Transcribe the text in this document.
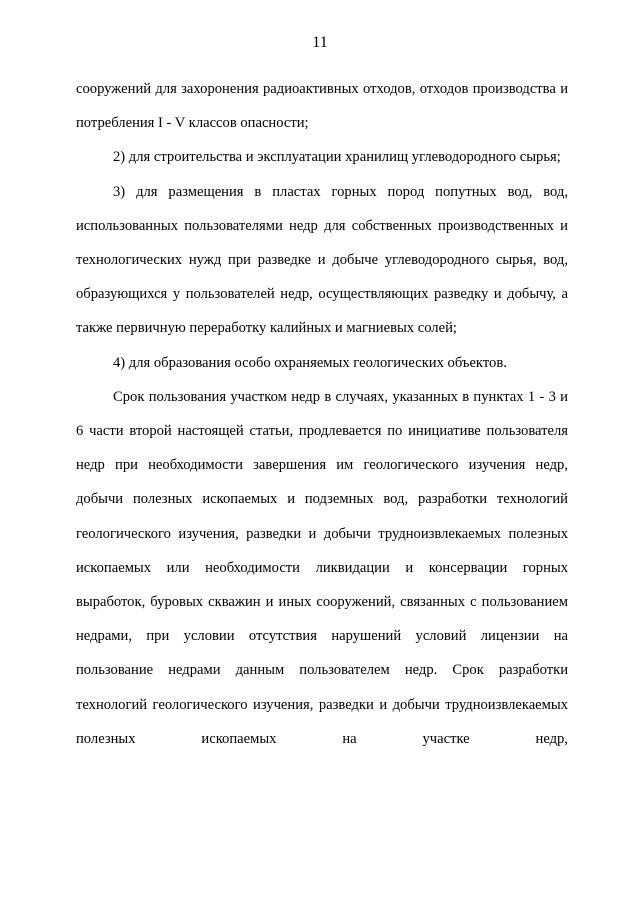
11

сооружений для захоронения радиоактивных отходов, отходов производства и потребления I - V классов опасности;

2) для строительства и эксплуатации хранилищ углеводородного сырья;

3) для размещения в пластах горных пород попутных вод, вод, использованных пользователями недр для собственных производственных и технологических нужд при разведке и добыче углеводородного сырья, вод, образующихся у пользователей недр, осуществляющих разведку и добычу, а также первичную переработку калийных и магниевых солей;

4) для образования особо охраняемых геологических объектов.

Срок пользования участком недр в случаях, указанных в пунктах 1 - 3 и 6 части второй настоящей статьи, продлевается по инициативе пользователя недр при необходимости завершения им геологического изучения недр, добычи полезных ископаемых и подземных вод, разработки технологий геологического изучения, разведки и добычи трудноизвлекаемых полезных ископаемых или необходимости ликвидации и консервации горных выработок, буровых скважин и иных сооружений, связанных с пользованием недрами, при условии отсутствия нарушений условий лицензии на пользование недрами данным пользователем недр. Срок разработки технологий геологического изучения, разведки и добычи трудноизвлекаемых полезных ископаемых на участке недр,
